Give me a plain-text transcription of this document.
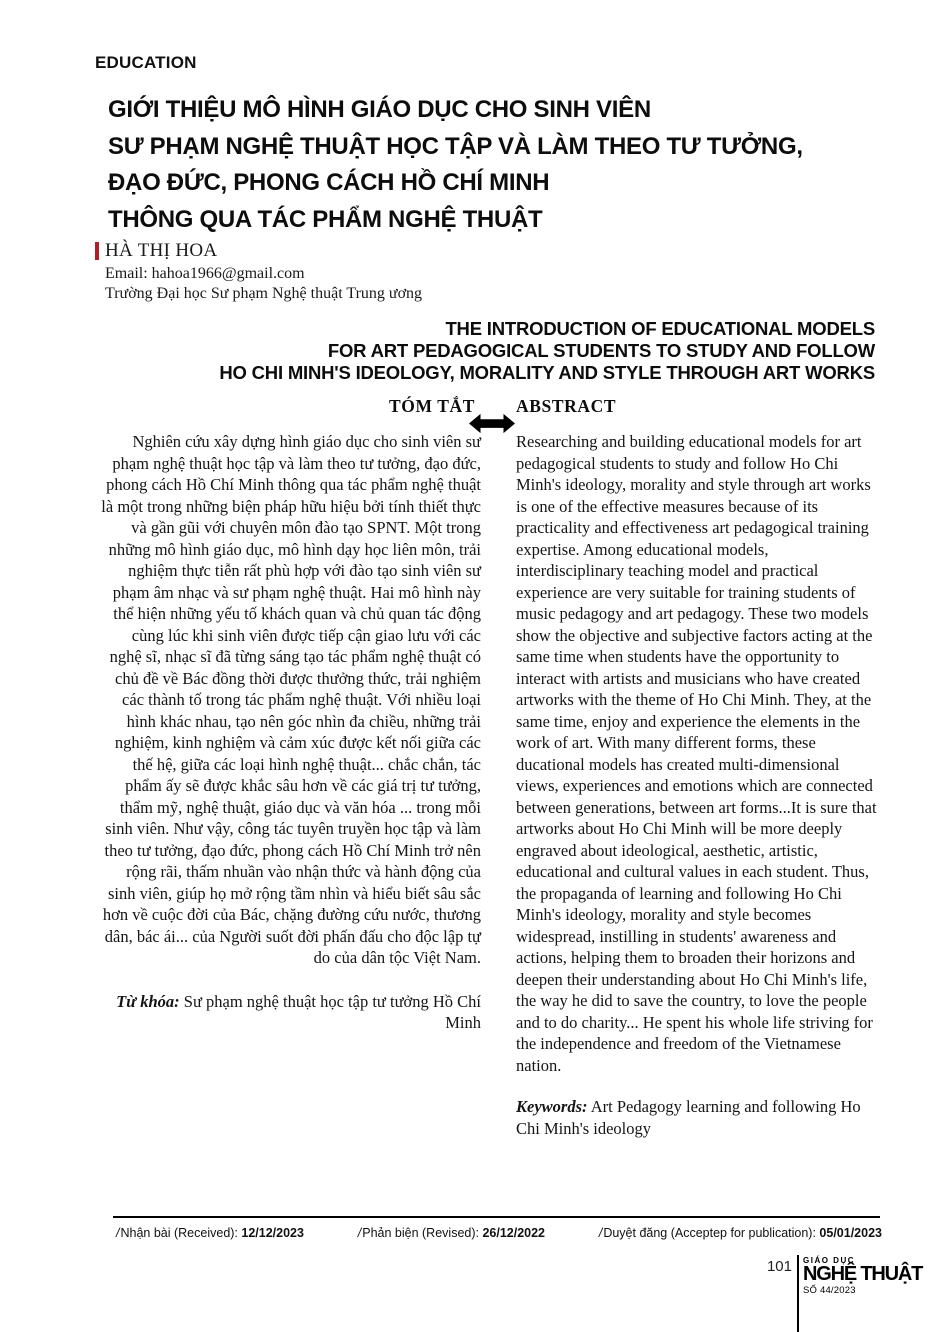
EDUCATION
GIỚI THIỆU MÔ HÌNH GIÁO DỤC CHO SINH VIÊN
SƯ PHẠM NGHỆ THUẬT HỌC TẬP VÀ LÀM THEO TƯ TƯỞNG,
ĐẠO ĐỨC, PHONG CÁCH HỒ CHÍ MINH
THÔNG QUA TÁC PHẨM NGHỆ THUẬT
HÀ THỊ HOA
Email: hahoa1966@gmail.com
Trường Đại học Sư phạm Nghệ thuật Trung ương
THE INTRODUCTION OF EDUCATIONAL MODELS
FOR ART PEDAGOGICAL STUDENTS TO STUDY AND FOLLOW
HO CHI MINH'S IDEOLOGY, MORALITY AND STYLE THROUGH ART WORKS
TÓM TẮT
Nghiên cứu xây dựng hình giáo dục cho sinh viên sư phạm nghệ thuật học tập và làm theo tư tưởng, đạo đức, phong cách Hồ Chí Minh thông qua tác phẩm nghệ thuật là một trong những biện pháp hữu hiệu bởi tính thiết thực và gần gũi với chuyên môn đào tạo SPNT. Một trong những mô hình giáo dục, mô hình dạy học liên môn, trải nghiệm thực tiễn rất phù hợp với đào tạo sinh viên sư phạm âm nhạc và sư phạm nghệ thuật. Hai mô hình này thể hiện những yếu tố khách quan và chủ quan tác động cùng lúc khi sinh viên được tiếp cận giao lưu với các nghệ sĩ, nhạc sĩ đã từng sáng tạo tác phẩm nghệ thuật có chủ đề về Bác đồng thời được thưởng thức, trải nghiệm các thành tố trong tác phẩm nghệ thuật. Với nhiều loại hình khác nhau, tạo nên góc nhìn đa chiều, những trải nghiệm, kinh nghiệm và cảm xúc được kết nối giữa các thế hệ, giữa các loại hình nghệ thuật... chắc chắn, tác phẩm ấy sẽ được khắc sâu hơn về các giá trị tư tưởng, thẩm mỹ, nghệ thuật, giáo dục và văn hóa ... trong mỗi sinh viên. Như vậy, công tác tuyên truyền học tập và làm theo tư tưởng, đạo đức, phong cách Hồ Chí Minh trở nên rộng rãi, thấm nhuần vào nhận thức và hành động của sinh viên, giúp họ mở rộng tầm nhìn và hiểu biết sâu sắc hơn về cuộc đời của Bác, chặng đường cứu nước, thương dân, bác ái... của Người suốt đời phấn đấu cho độc lập tự do của dân tộc Việt Nam.
Từ khóa: Sư phạm nghệ thuật học tập tư tưởng Hồ Chí Minh
ABSTRACT
Researching and building educational models for art pedagogical students to study and follow Ho Chi Minh's ideology, morality and style through art works is one of the effective measures because of its practicality and effectiveness art pedagogical training expertise. Among educational models, interdisciplinary teaching model and practical experience are very suitable for training students of music pedagogy and art pedagogy. These two models show the objective and subjective factors acting at the same time when students have the opportunity to interact with artists and musicians who have created artworks with the theme of Ho Chi Minh. They, at the same time, enjoy and experience the elements in the work of art. With many different forms, these ducational models has created multi-dimensional views, experiences and emotions which are connected between generations, between art forms...It is sure that artworks about Ho Chi Minh will be more deeply engraved about ideological, aesthetic, artistic, educational and cultural values in each student. Thus, the propaganda of learning and following Ho Chi Minh's ideology, morality and style becomes widespread, instilling in students' awareness and actions, helping them to broaden their horizons and deepen their understanding about Ho Chi Minh's life, the way he did to save the country, to love the people and to do charity... He spent his whole life striving for the independence and freedom of the Vietnamese nation.
Keywords: Art Pedagogy learning and following Ho Chi Minh's ideology
/Nhận bài (Received): 12/12/2023	/Phản biện (Revised): 26/12/2022	/Duyệt đăng (Acceptep for publication): 05/01/2023
101 GIÁO DỤC
NGHỆ THUẬT
SỐ 44/2023
